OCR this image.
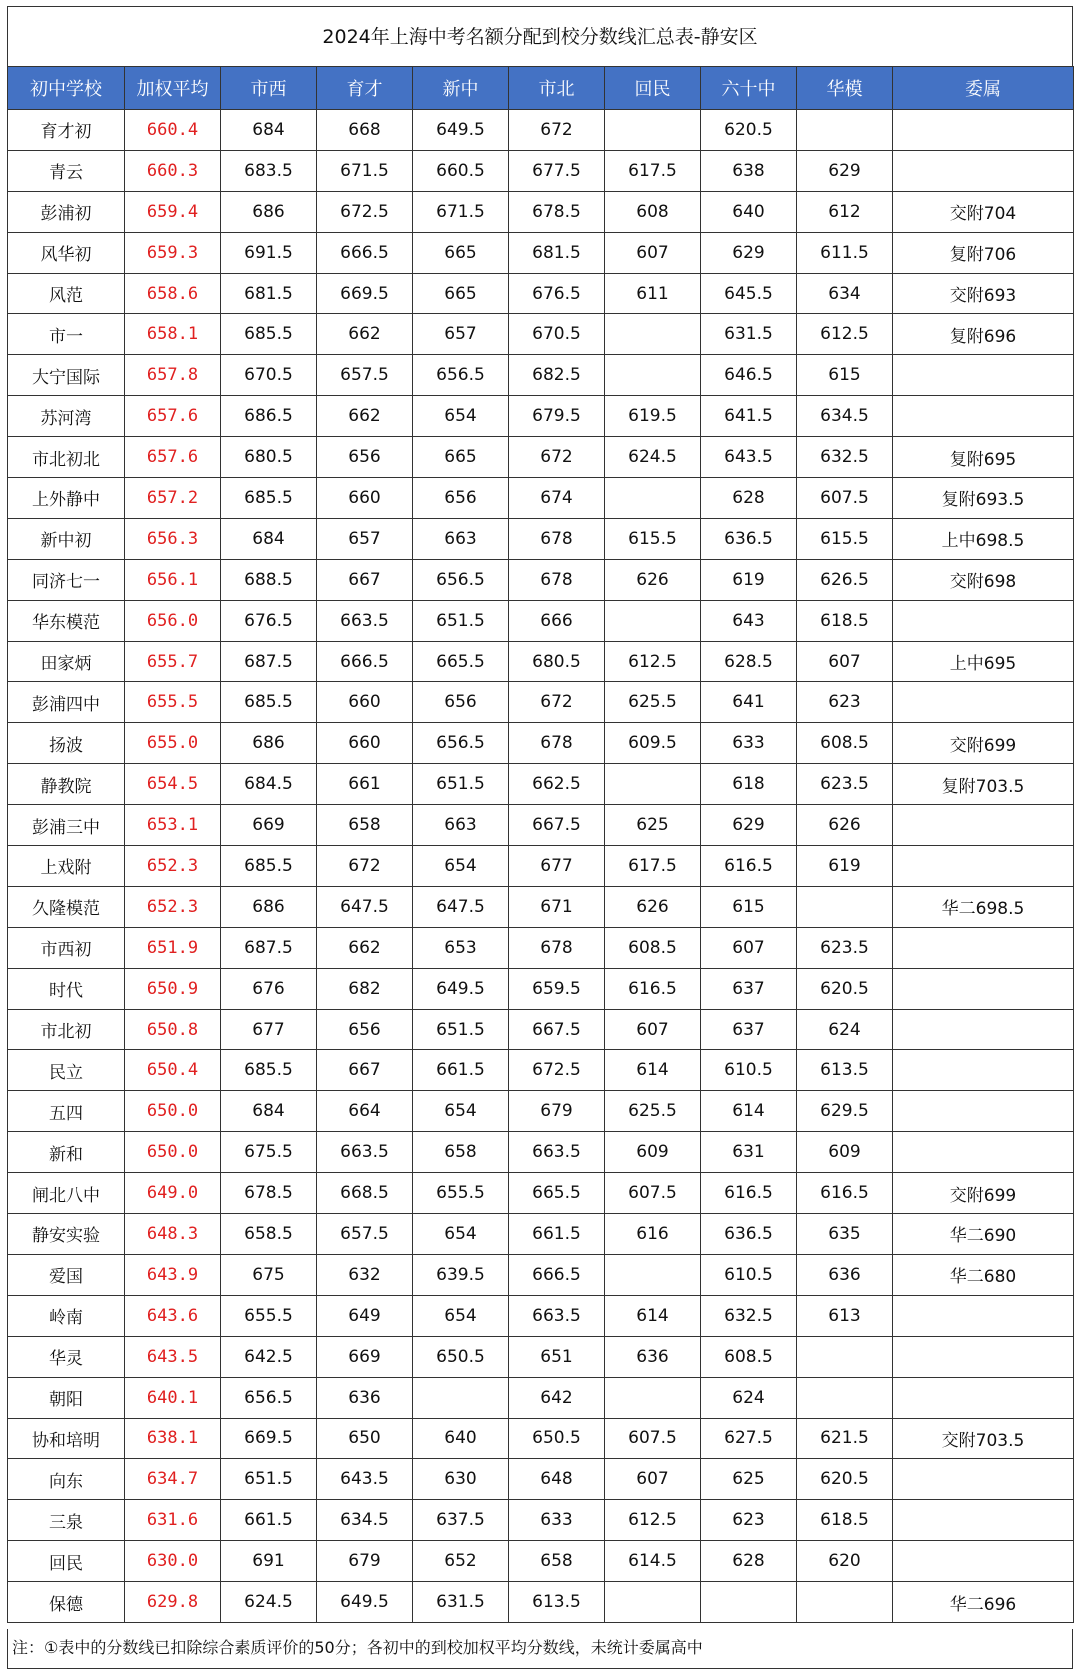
2024年上海中考名额分配到校分数线汇总表-静安区
初中学校	加权平均	市西	育才	新中	市北	回民	六十中	华模	委属
育才初	660.4	684	668	649.5	672		620.5		
青云	660.3	683.5	671.5	660.5	677.5	617.5	638	629	
彭浦初	659.4	686	672.5	671.5	678.5	608	640	612	交附704
风华初	659.3	691.5	666.5	665	681.5	607	629	611.5	复附706
风范	658.6	681.5	669.5	665	676.5	611	645.5	634	交附693
市一	658.1	685.5	662	657	670.5		631.5	612.5	复附696
大宁国际	657.8	670.5	657.5	656.5	682.5		646.5	615	
苏河湾	657.6	686.5	662	654	679.5	619.5	641.5	634.5	
市北初北	657.6	680.5	656	665	672	624.5	643.5	632.5	复附695
上外静中	657.2	685.5	660	656	674		628	607.5	复附693.5
新中初	656.3	684	657	663	678	615.5	636.5	615.5	上中698.5
同济七一	656.1	688.5	667	656.5	678	626	619	626.5	交附698
华东模范	656.0	676.5	663.5	651.5	666		643	618.5	
田家炳	655.7	687.5	666.5	665.5	680.5	612.5	628.5	607	上中695
彭浦四中	655.5	685.5	660	656	672	625.5	641	623	
扬波	655.0	686	660	656.5	678	609.5	633	608.5	交附699
静教院	654.5	684.5	661	651.5	662.5		618	623.5	复附703.5
彭浦三中	653.1	669	658	663	667.5	625	629	626	
上戏附	652.3	685.5	672	654	677	617.5	616.5	619	
久隆模范	652.3	686	647.5	647.5	671	626	615		华二698.5
市西初	651.9	687.5	662	653	678	608.5	607	623.5	
时代	650.9	676	682	649.5	659.5	616.5	637	620.5	
市北初	650.8	677	656	651.5	667.5	607	637	624	
民立	650.4	685.5	667	661.5	672.5	614	610.5	613.5	
五四	650.0	684	664	654	679	625.5	614	629.5	
新和	650.0	675.5	663.5	658	663.5	609	631	609	
闸北八中	649.0	678.5	668.5	655.5	665.5	607.5	616.5	616.5	交附699
静安实验	648.3	658.5	657.5	654	661.5	616	636.5	635	华二690
爱国	643.9	675	632	639.5	666.5		610.5	636	华二680
岭南	643.6	655.5	649	654	663.5	614	632.5	613	
华灵	643.5	642.5	669	650.5	651	636	608.5		
朝阳	640.1	656.5	636		642		624		
协和培明	638.1	669.5	650	640	650.5	607.5	627.5	621.5	交附703.5
向东	634.7	651.5	643.5	630	648	607	625	620.5	
三泉	631.6	661.5	634.5	637.5	633	612.5	623	618.5	
回民	630.0	691	679	652	658	614.5	628	620	
保德	629.8	624.5	649.5	631.5	613.5				华二696
注：①表中的分数线已扣除综合素质评价的50分；各初中的到校加权平均分数线，未统计委属高中
